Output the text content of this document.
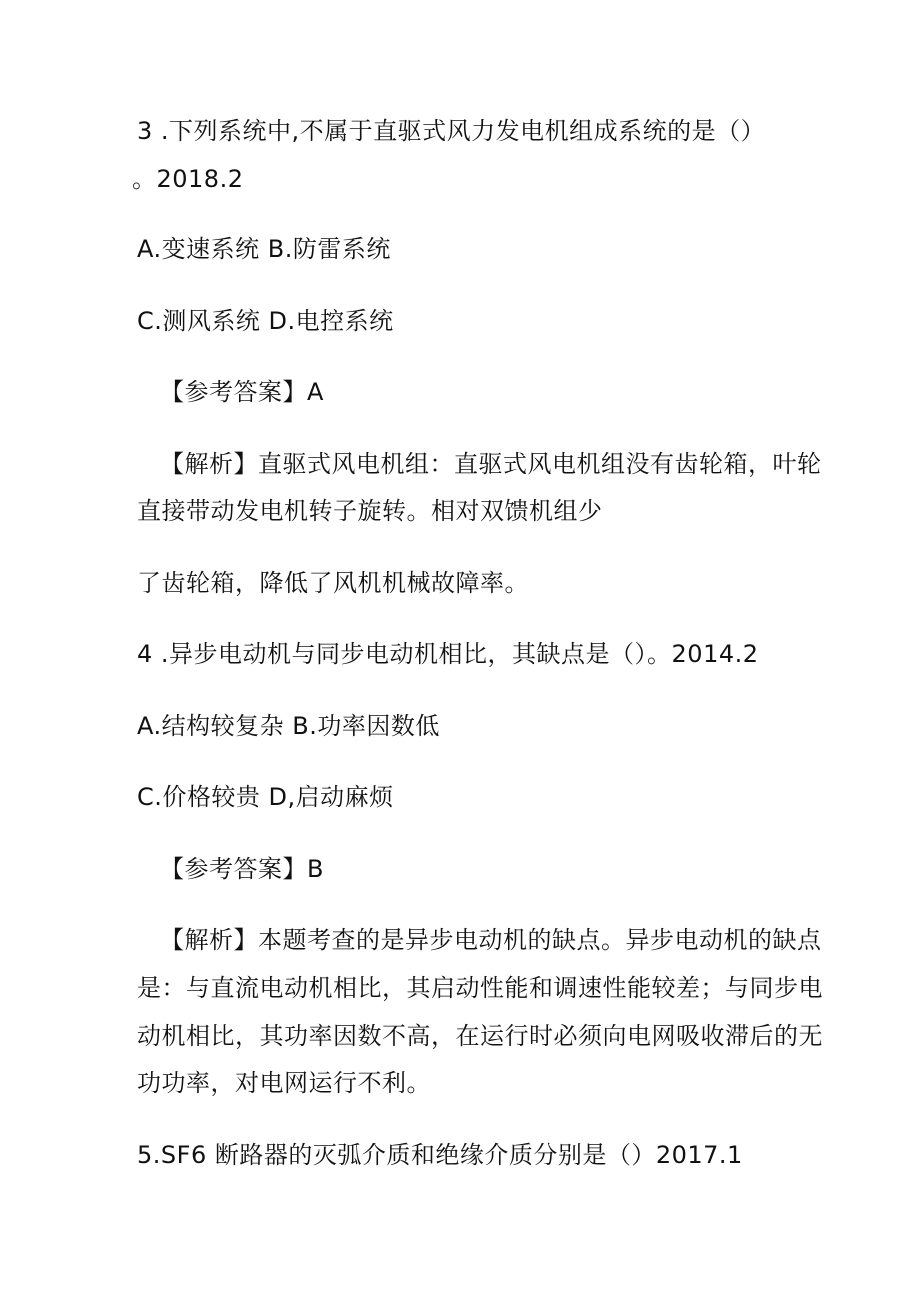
3 .下列系统中,不属于直驱式风力发电机组成系统的是（）
。2018.2
A.变速系统 B.防雷系统
C.测风系统 D.电控系统
【参考答案】A
【解析】直驱式风电机组：直驱式风电机组没有齿轮箱，叶轮
直接带动发电机转子旋转。相对双馈机组少
了齿轮箱，降低了风机机械故障率。
4 .异步电动机与同步电动机相比，其缺点是（）。2014.2
A.结构较复杂 B.功率因数低
C.价格较贵 D,启动麻烦
【参考答案】B
【解析】本题考查的是异步电动机的缺点。异步电动机的缺点
是：与直流电动机相比，其启动性能和调速性能较差；与同步电
动机相比，其功率因数不高，在运行时必须向电网吸收滞后的无
功功率，对电网运行不利。
5.SF6 断路器的灭弧介质和绝缘介质分别是（）2017.1
